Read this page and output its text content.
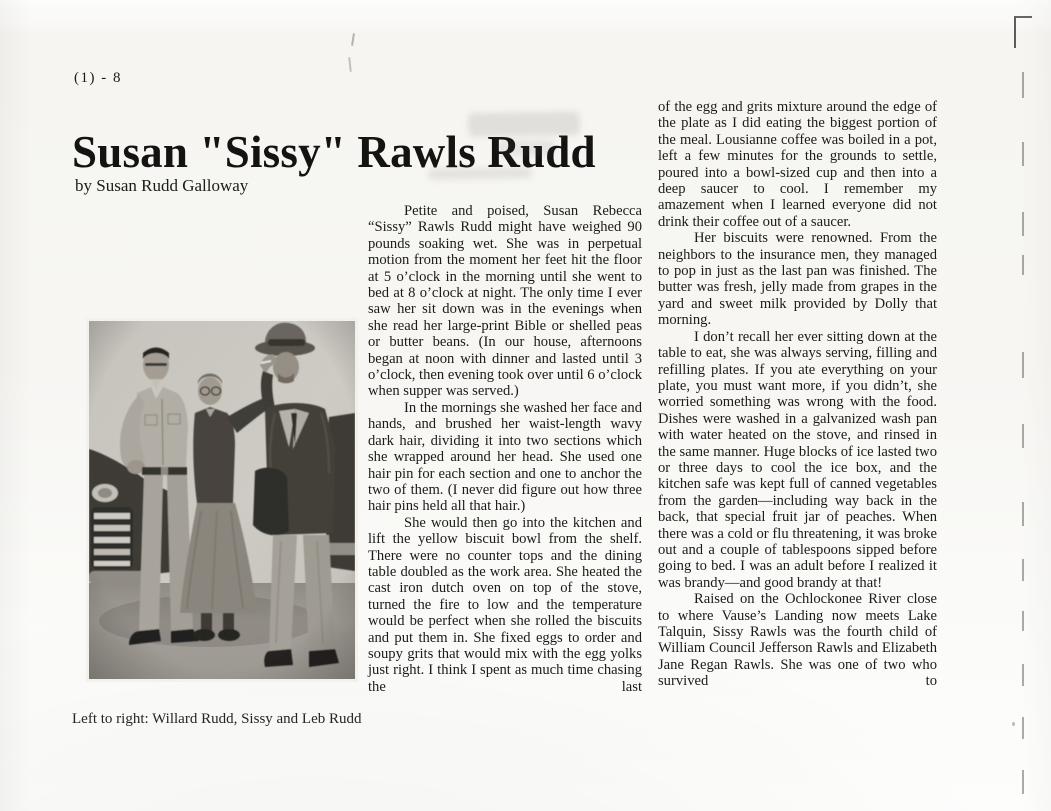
(1) - 8
Susan "Sissy" Rawls Rudd
by Susan Rudd Galloway
Left to right: Willard Rudd, Sissy and Leb Rudd

Petite and poised, Susan Rebecca “Sissy” Rawls Rudd might have weighed 90 pounds soaking wet. She was in perpetual motion from the moment her feet hit the floor at 5 o’clock in the morning until she went to bed at 8 o’clock at night. The only time I ever saw her sit down was in the evenings when she read her large-print Bible or shelled peas or butter beans. (In our house, afternoons began at noon with dinner and lasted until 3 o’clock, then evening took over until 6 o’clock when supper was served.)

In the mornings she washed her face and hands, and brushed her waist-length wavy dark hair, dividing it into two sections which she wrapped around her head. She used one hair pin for each section and one to anchor the two of them. (I never did figure out how three hair pins held all that hair.)

She would then go into the kitchen and lift the yellow biscuit bowl from the shelf. There were no counter tops and the dining table doubled as the work area. She heated the cast iron dutch oven on top of the stove, turned the fire to low and the temperature would be perfect when she rolled the biscuits and put them in. She fixed eggs to order and soupy grits that would mix with the egg yolks just right. I think I spent as much time chasing the last

of the egg and grits mixture around the edge of the plate as I did eating the biggest portion of the meal. Lousianne coffee was boiled in a pot, left a few minutes for the grounds to settle, poured into a bowl-sized cup and then into a deep saucer to cool. I remember my amazement when I learned everyone did not drink their coffee out of a saucer.

Her biscuits were renowned. From the neighbors to the insurance men, they managed to pop in just as the last pan was finished. The butter was fresh, jelly made from grapes in the yard and sweet milk provided by Dolly that morning.

I don’t recall her ever sitting down at the table to eat, she was always serving, filling and refilling plates. If you ate everything on your plate, you must want more, if you didn’t, she worried something was wrong with the food. Dishes were washed in a galvanized wash pan with water heated on the stove, and rinsed in the same manner. Huge blocks of ice lasted two or three days to cool the ice box, and the kitchen safe was kept full of canned vegetables from the garden—including way back in the back, that special fruit jar of peaches. When there was a cold or flu threatening, it was broke out and a couple of tablespoons sipped before going to bed. I was an adult before I realized it was brandy—and good brandy at that!

Raised on the Ochlockonee River close to where Vause’s Landing now meets Lake Talquin, Sissy Rawls was the fourth child of William Council Jefferson Rawls and Elizabeth Jane Regan Rawls. She was one of two who survived to
